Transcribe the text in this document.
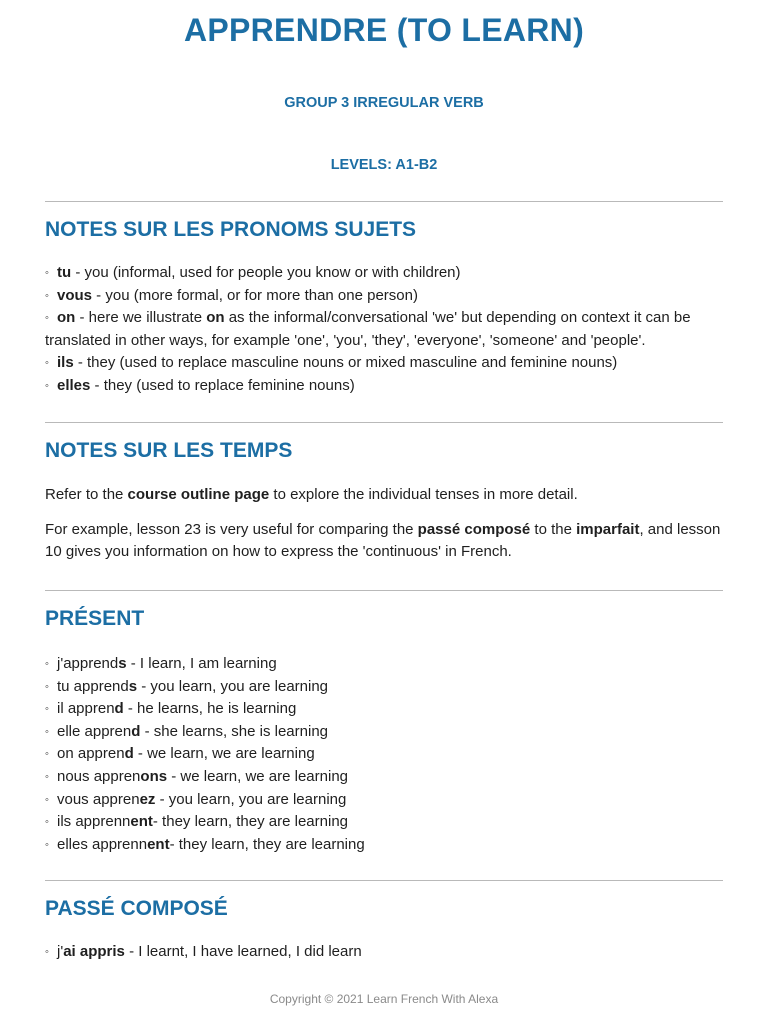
APPRENDRE (TO LEARN)
GROUP 3 IRREGULAR VERB
LEVELS: A1-B2
NOTES SUR LES PRONOMS SUJETS

◦ tu - you (informal, used for people you know or with children)

◦ vous - you (more formal, or for more than one person)

◦ on - here we illustrate on as the informal/conversational 'we' but depending on context it can be translated in other ways, for example 'one', 'you', 'they', 'everyone', 'someone' and 'people'.

◦ ils - they (used to replace masculine nouns or mixed masculine and feminine nouns)

◦ elles - they (used to replace feminine nouns)

NOTES SUR LES TEMPS

Refer to the course outline page to explore the individual tenses in more detail.

For example, lesson 23 is very useful for comparing the passé composé to the imparfait, and lesson 10 gives you information on how to express the 'continuous' in French.

PRÉSENT

◦ j'apprends - I learn, I am learning

◦ tu apprends - you learn, you are learning

◦ il apprend - he learns, he is learning

◦ elle apprend - she learns, she is learning

◦ on apprend - we learn, we are learning

◦ nous apprenons - we learn, we are learning

◦ vous apprenez - you learn, you are learning

◦ ils apprennent- they learn, they are learning

◦ elles apprennent- they learn, they are learning

PASSÉ COMPOSÉ

◦ j'ai appris - I learnt, I have learned, I did learn

Copyright © 2021 Learn French With Alexa
